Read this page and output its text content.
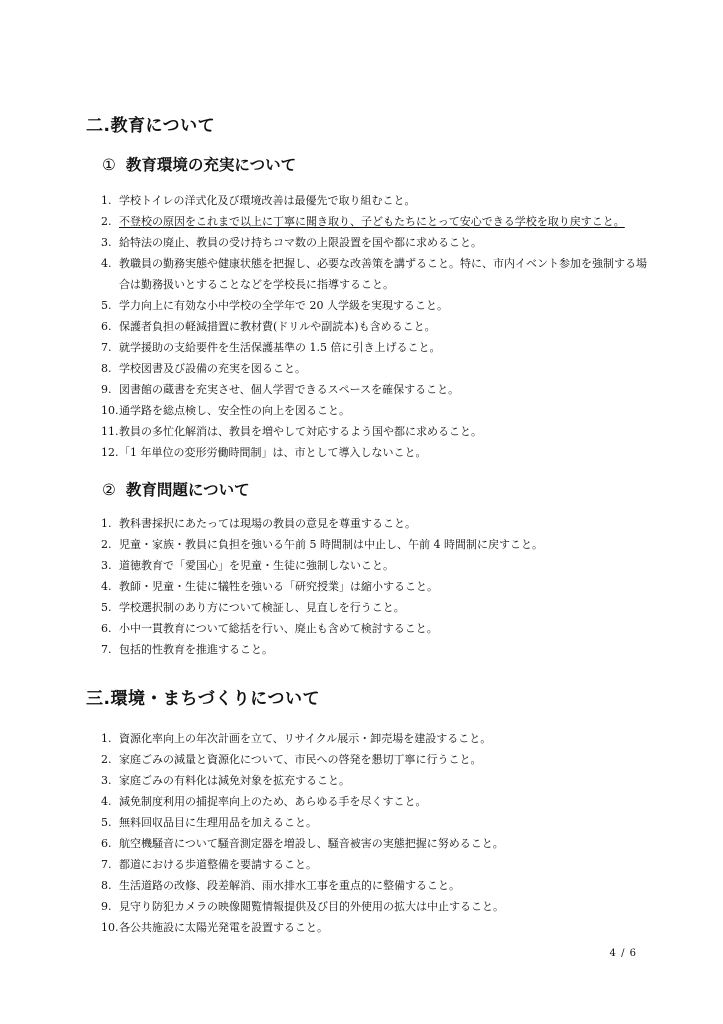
二.教育について
① 教育環境の充実について
1. 学校トイレの洋式化及び環境改善は最優先で取り組むこと。
2. 不登校の原因をこれまで以上に丁寧に聞き取り、子どもたちにとって安心できる学校を取り戻すこと。
3. 給特法の廃止、教員の受け持ちコマ数の上限設置を国や都に求めること。
4. 教職員の勤務実態や健康状態を把握し、必要な改善策を講ずること。特に、市内イベント参加を強制する場合は勤務扱いとすることなどを学校長に指導すること。
5. 学力向上に有効な小中学校の全学年で 20 人学級を実現すること。
6. 保護者負担の軽減措置に教材費(ドリルや副読本)も含めること。
7. 就学援助の支給要件を生活保護基準の 1.5 倍に引き上げること。
8. 学校図書及び設備の充実を図ること。
9. 図書館の蔵書を充実させ、個人学習できるスペースを確保すること。
10. 通学路を総点検し、安全性の向上を図ること。
11. 教員の多忙化解消は、教員を増やして対応するよう国や都に求めること。
12. 「1 年単位の変形労働時間制」は、市として導入しないこと。
② 教育問題について
1. 教科書採択にあたっては現場の教員の意見を尊重すること。
2. 児童・家族・教員に負担を強いる午前 5 時間制は中止し、午前 4 時間制に戻すこと。
3. 道徳教育で「愛国心」を児童・生徒に強制しないこと。
4. 教師・児童・生徒に犠牲を強いる「研究授業」は縮小すること。
5. 学校選択制のあり方について検証し、見直しを行うこと。
6. 小中一貫教育について総括を行い、廃止も含めて検討すること。
7. 包括的性教育を推進すること。
三.環境・まちづくりについて
1. 資源化率向上の年次計画を立て、リサイクル展示・卸売場を建設すること。
2. 家庭ごみの減量と資源化について、市民への啓発を懇切丁寧に行うこと。
3. 家庭ごみの有料化は減免対象を拡充すること。
4. 減免制度利用の捕捉率向上のため、あらゆる手を尽くすこと。
5. 無料回収品目に生理用品を加えること。
6. 航空機騒音について騒音測定器を増設し、騒音被害の実態把握に努めること。
7. 都道における歩道整備を要請すること。
8. 生活道路の改修、段差解消、雨水排水工事を重点的に整備すること。
9. 見守り防犯カメラの映像閲覧情報提供及び目的外使用の拡大は中止すること。
10. 各公共施設に太陽光発電を設置すること。
4 / 6
